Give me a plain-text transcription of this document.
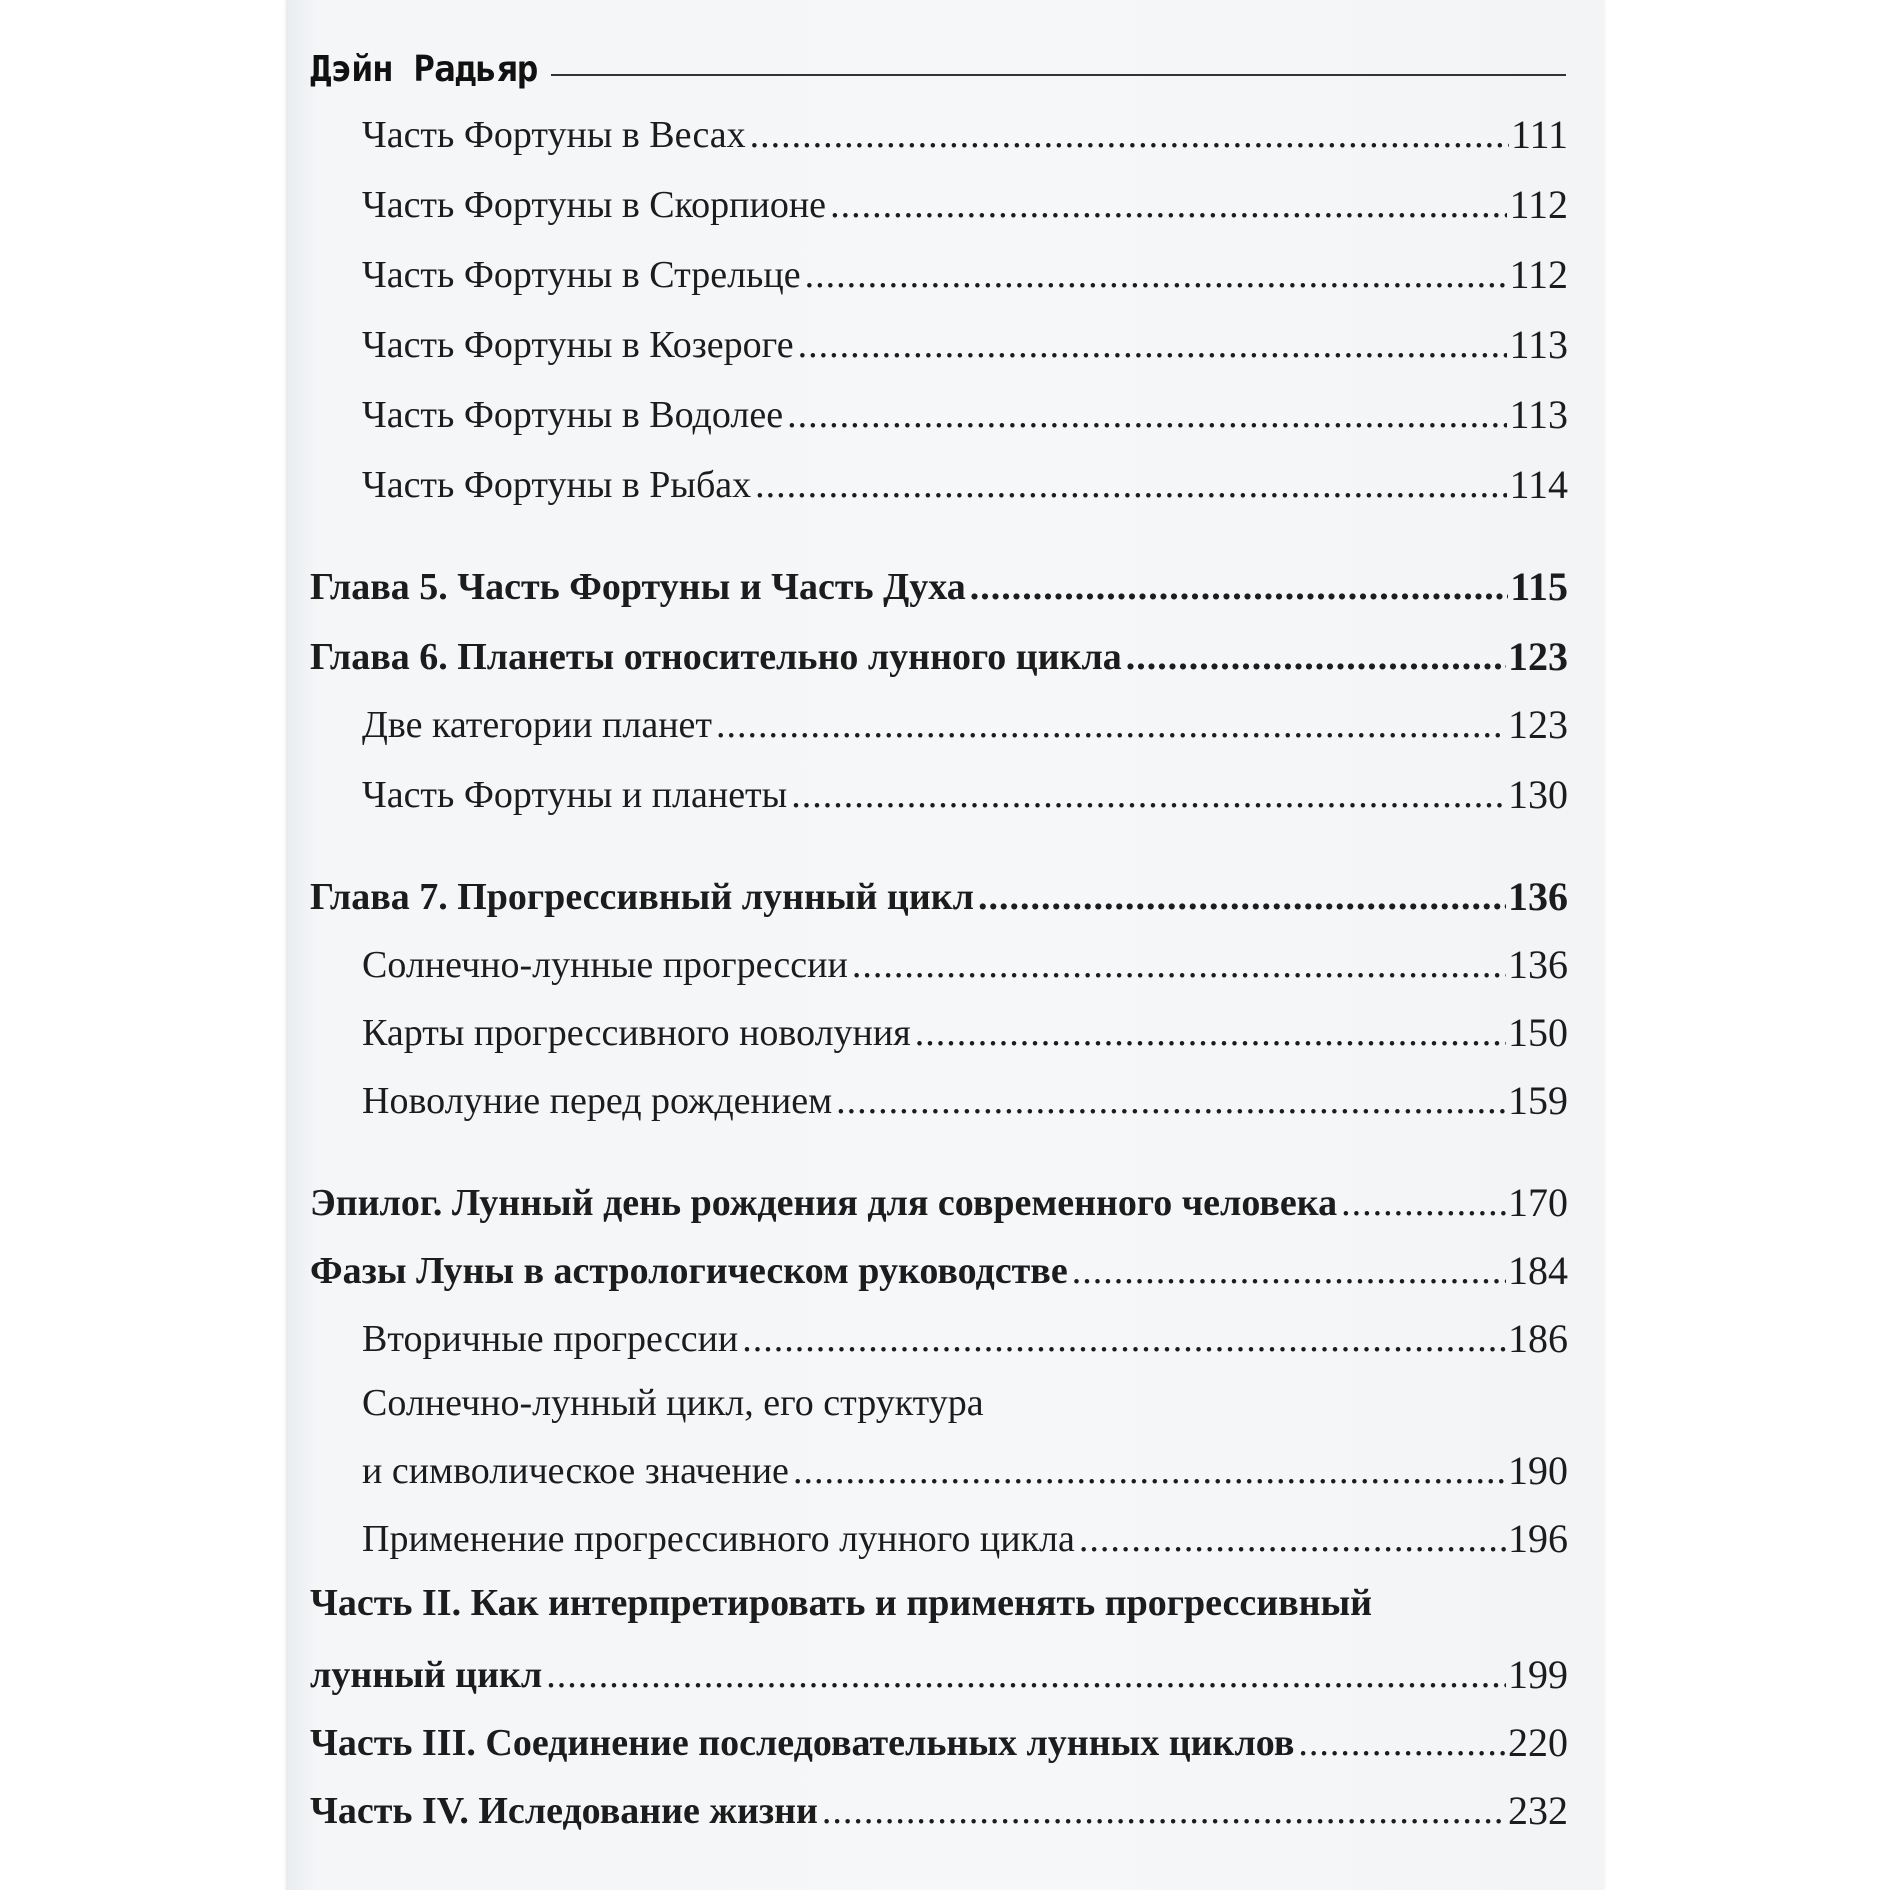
Дэйн Радьяр
Часть Фортуны в Весах .....	111
Часть Фортуны в Скорпионе .....	112
Часть Фортуны в Стрельце .....	112
Часть Фортуны в Козероге .....	113
Часть Фортуны в Водолее .....	113
Часть Фортуны в Рыбах .....	114
Глава 5. Часть Фортуны и Часть Духа .....	115
Глава 6. Планеты относительно лунного цикла .....	123
Две категории планет .....	123
Часть Фортуны и планеты .....	130
Глава 7. Прогрессивный лунный цикл .....	136
Солнечно-лунные прогрессии .....	136
Карты прогрессивного новолуния .....	150
Новолуние перед рождением .....	159
Эпилог. Лунный день рождения для современного человека .....	170
Фазы Луны в астрологическом руководстве .....	184
Вторичные прогрессии .....	186
Солнечно-лунный цикл, его структура
и символическое значение .....	190
Применение прогрессивного лунного цикла .....	196
Часть II. Как интерпретировать и применять прогрессивный
лунный цикл .....	199
Часть III. Соединение последовательных лунных циклов .....	220
Часть IV. Иследование жизни .....	232
